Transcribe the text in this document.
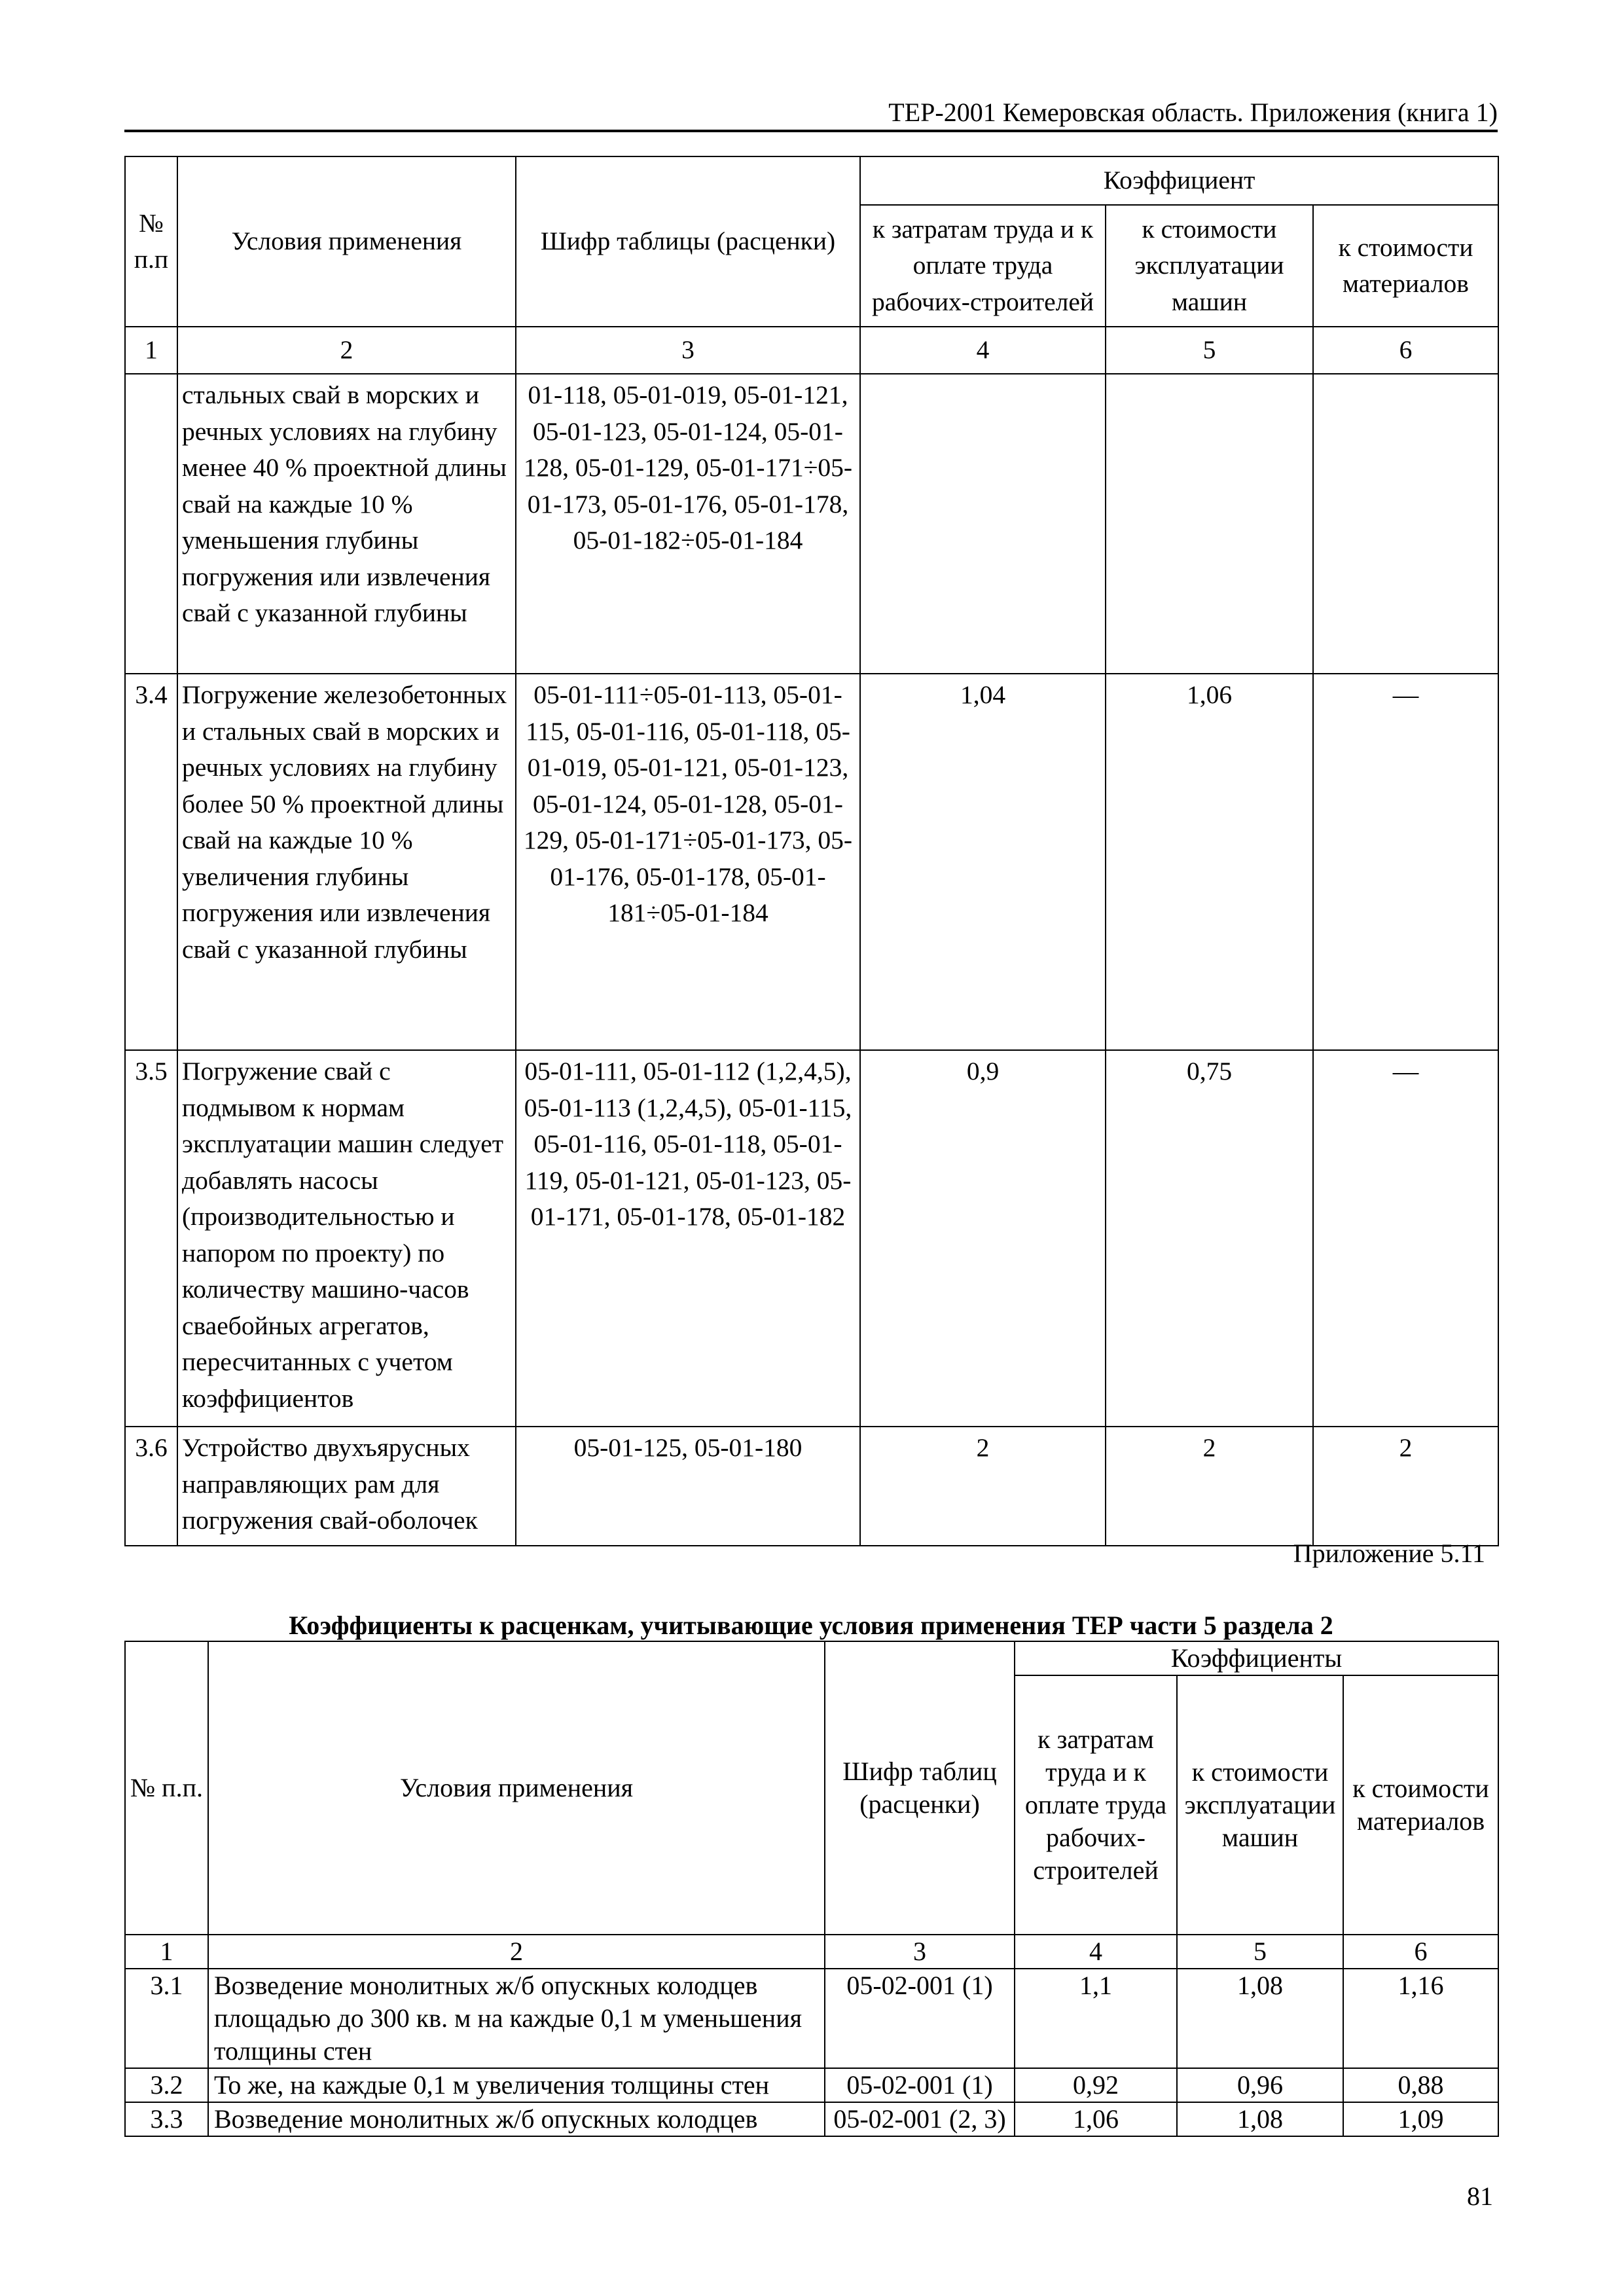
ТЕР-2001 Кемеровская область. Приложения (книга 1)
№ п.п	Условия применения	Шифр таблицы (расценки)	Коэффициент		
			к затратам труда и к оплате труда рабочих-строителей	к стоимости эксплуатации машин	к стоимости материалов
1	2	3	4	5	6
	стальных свай в морских и речных условиях на глубину менее 40 % проектной длины свай на каждые 10 % уменьшения глубины погружения или извлечения свай с указанной глубины	01-118, 05-01-019, 05-01-121, 05-01-123, 05-01-124, 05-01-128, 05-01-129, 05-01-171÷05-01-173, 05-01-176, 05-01-178, 05-01-182÷05-01-184			
3.4	Погружение железобетонных и стальных свай в морских и речных условиях на глубину более 50 % проектной длины свай на каждые 10 % увеличения глубины погружения или извлечения свай с указанной глубины	05-01-111÷05-01-113, 05-01-115, 05-01-116, 05-01-118, 05-01-019, 05-01-121, 05-01-123, 05-01-124, 05-01-128, 05-01-129, 05-01-171÷05-01-173, 05-01-176, 05-01-178, 05-01-181÷05-01-184	1,04	1,06	—
3.5	Погружение свай с подмывом к нормам эксплуатации машин следует добавлять насосы (производительностью и напором по проекту) по количеству машино-часов сваебойных агрегатов, пересчитанных с учетом коэффициентов	05-01-111, 05-01-112 (1,2,4,5), 05-01-113 (1,2,4,5), 05-01-115, 05-01-116, 05-01-118, 05-01-119, 05-01-121, 05-01-123, 05-01-171, 05-01-178, 05-01-182	0,9	0,75	—
3.6	Устройство двухъярусных направляющих рам для погружения свай-оболочек	05-01-125, 05-01-180	2	2	2
Приложение 5.11
Коэффициенты к расценкам, учитывающие условия применения ТЕР части 5 раздела 2
№ п.п.	Условия применения	Шифр таблиц (расценки)	Коэффициенты		
			к затратам труда и к оплате труда рабочих-строителей	к стоимости эксплуатации машин	к стоимости материалов
1	2	3	4	5	6
3.1	Возведение монолитных ж/б опускных колодцев площадью до 300 кв. м на каждые 0,1 м уменьшения толщины стен	05-02-001 (1)	1,1	1,08	1,16
3.2	То же, на каждые 0,1 м увеличения толщины стен	05-02-001 (1)	0,92	0,96	0,88
3.3	Возведение монолитных ж/б опускных колодцев	05-02-001 (2, 3)	1,06	1,08	1,09
81
